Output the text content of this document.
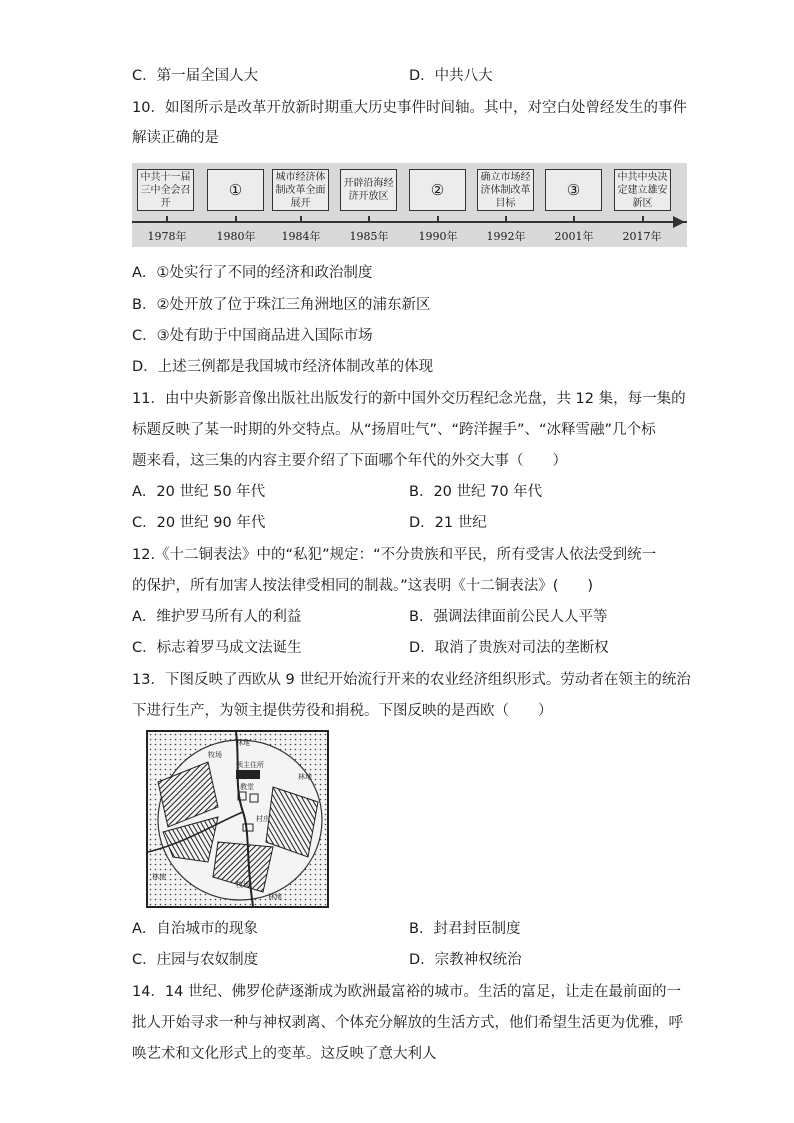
C．第一届全国人大	D．中共八大
10．如图所示是改革开放新时期重大历史事件时间轴。其中，对空白处曾经发生的事件
解读正确的是
中共十一届三中全会召开
①
城市经济体制改革全面展开
开辟沿海经济开放区	②
确立市场经济体制改革目标
③
中共中央决定建立雄安新区
1978年	1980年	1984年	1985年	1990年	1992年	2001年	2017年
A．①处实行了不同的经济和政治制度
B．②处开放了位于珠江三角洲地区的浦东新区
C．③处有助于中国商品进入国际市场
D．上述三例都是我国城市经济体制改革的体现
11．由中央新影音像出版社出版发行的新中国外交历程纪念光盘，共 12 集，每一集的
标题反映了某一时期的外交特点。从“扬眉吐气”、“跨洋握手”、“冰释雪融”几个标
题来看，这三集的内容主要介绍了下面哪个年代的外交大事（　　）
A．20 世纪 50 年代	B．20 世纪 70 年代
C．20 世纪 90 年代	D．21 世纪
12.《十二铜表法》中的“私犯”规定：“不分贵族和平民，所有受害人依法受到统一
的保护，所有加害人按法律受相同的制裁。”这表明《十二铜表法》(　　)
A．维护罗马所有人的利益	B．强调法律面前公民人人平等
C．标志着罗马成文法诞生	D．取消了贵族对司法的垄断权
13．下图反映了西欧从 9 世纪开始流行开来的农业经济组织形式。劳动者在领主的统治
下进行生产，为领主提供劳役和捐税。下图反映的是西欧（　　）
林地
林地
林地
林地
牧场
牧场
领主住所
教堂
村庄
A．自治城市的现象	B．封君封臣制度
C．庄园与农奴制度	D．宗教神权统治
14．14 世纪、佛罗伦萨逐渐成为欧洲最富裕的城市。生活的富足，让走在最前面的一
批人开始寻求一种与神权剥离、个体充分解放的生活方式，他们希望生活更为优雅，呼
唤艺术和文化形式上的变革。这反映了意大利人
